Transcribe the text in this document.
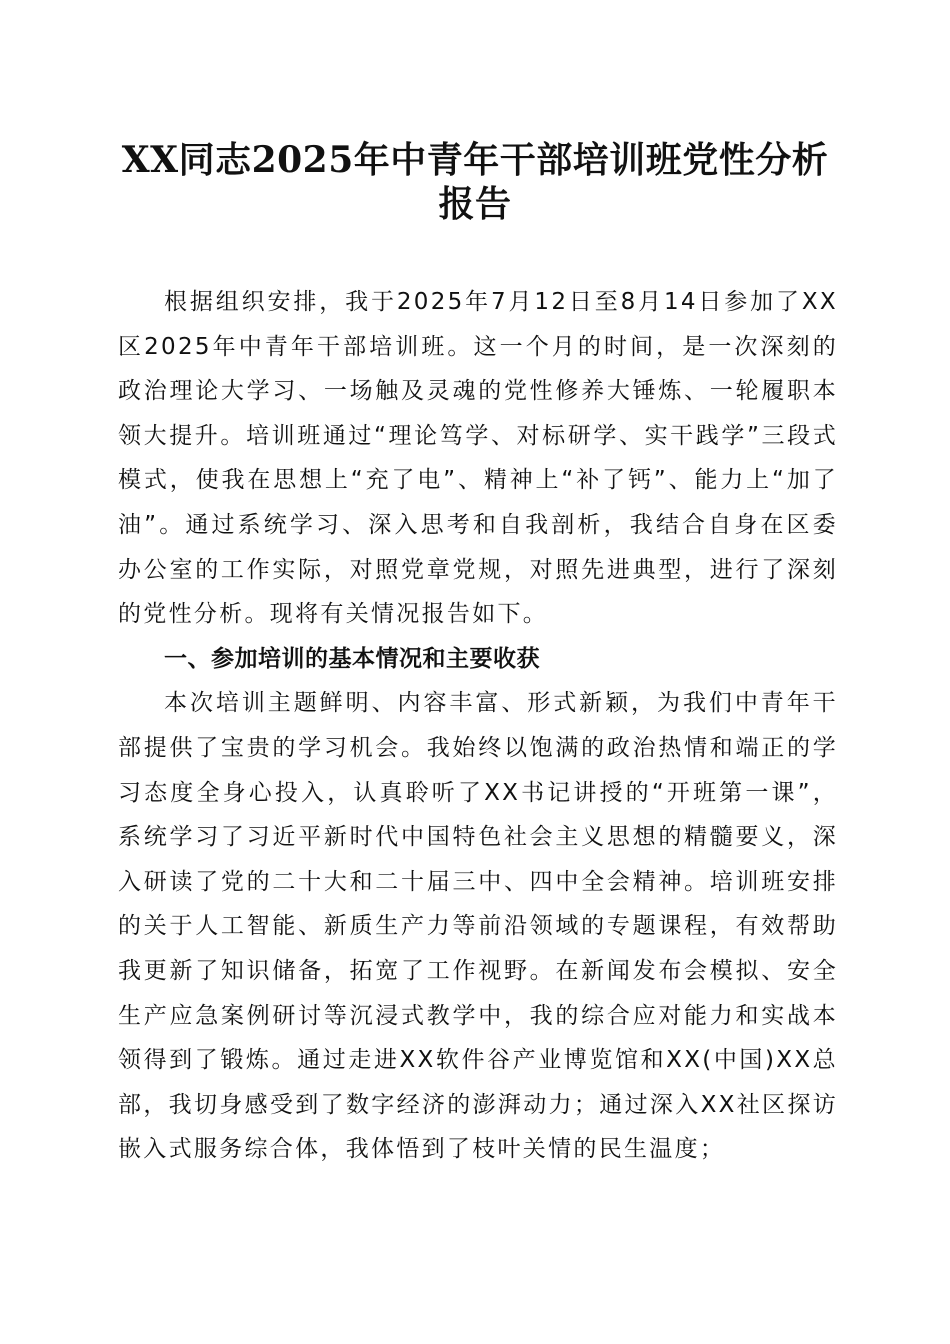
XX同志2025年中青年干部培训班党性分析报告

根据组织安排，我于2025年7月12日至8月14日参加了XX区2025年中青年干部培训班。这一个月的时间，是一次深刻的政治理论大学习、一场触及灵魂的党性修养大锤炼、一轮履职本领大提升。培训班通过“理论笃学、对标研学、实干践学”三段式模式，使我在思想上“充了电”、精神上“补了钙”、能力上“加了油”。通过系统学习、深入思考和自我剖析，我结合自身在区委办公室的工作实际，对照党章党规，对照先进典型，进行了深刻的党性分析。现将有关情况报告如下。

一、参加培训的基本情况和主要收获

本次培训主题鲜明、内容丰富、形式新颖，为我们中青年干部提供了宝贵的学习机会。我始终以饱满的政治热情和端正的学习态度全身心投入，认真聆听了XX书记讲授的“开班第一课”，系统学习了习近平新时代中国特色社会主义思想的精髓要义，深入研读了党的二十大和二十届三中、四中全会精神。培训班安排的关于人工智能、新质生产力等前沿领域的专题课程，有效帮助我更新了知识储备，拓宽了工作视野。在新闻发布会模拟、安全生产应急案例研讨等沉浸式教学中，我的综合应对能力和实战本领得到了锻炼。通过走进XX软件谷产业博览馆和XX(中国)XX总部，我切身感受到了数字经济的澎湃动力；通过深入XX社区探访嵌入式服务综合体，我体悟到了枝叶关情的民生温度；
